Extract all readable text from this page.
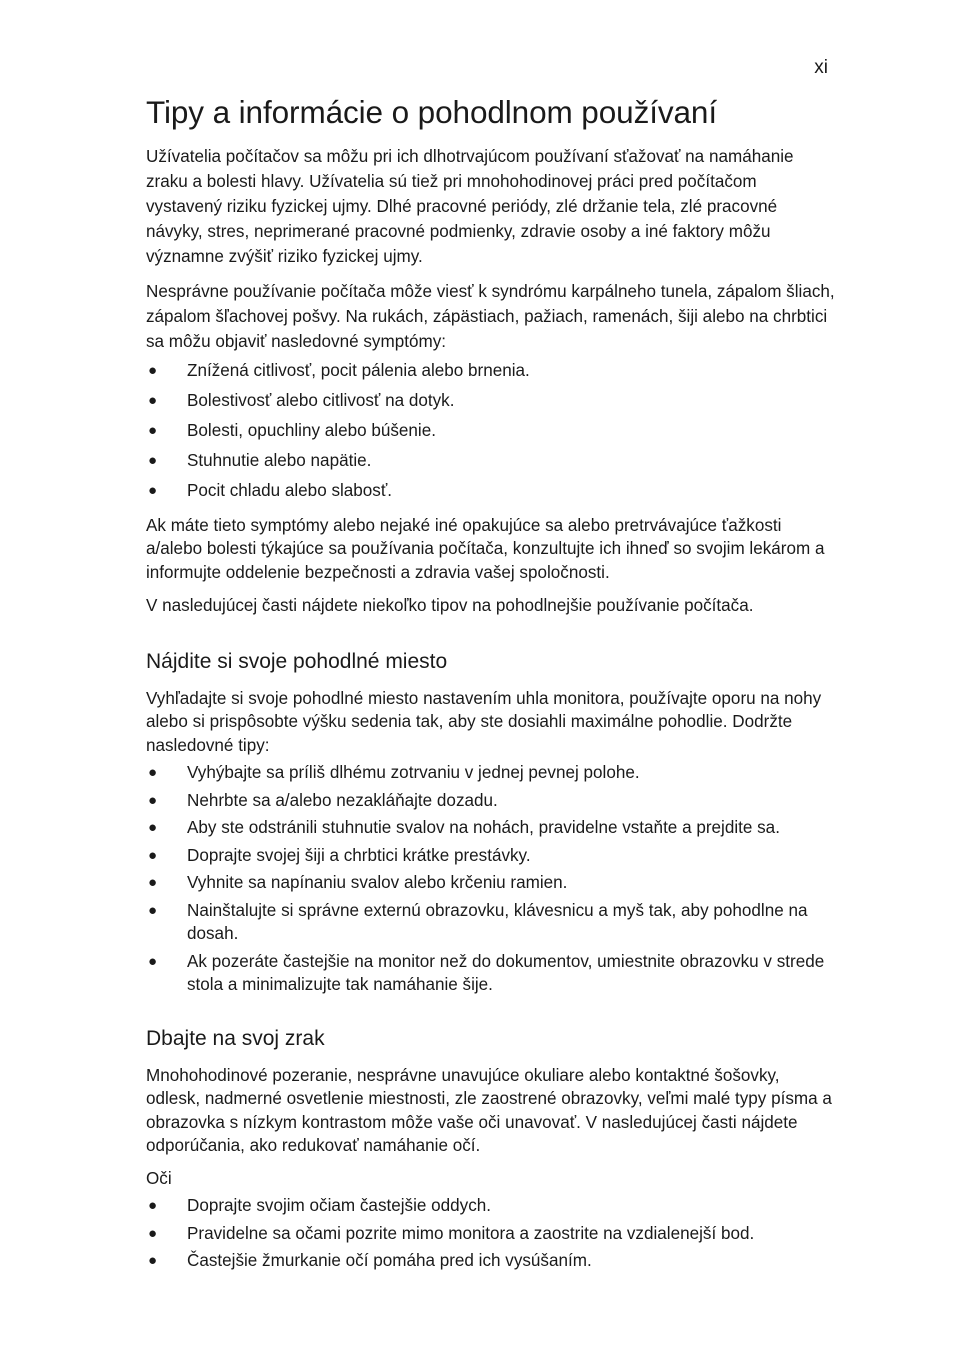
xi
Tipy a informácie o pohodlnom používaní

Užívatelia počítačov sa môžu pri ich dlhotrvajúcom používaní sťažovať na namáhanie zraku a bolesti hlavy. Užívatelia sú tiež pri mnohohodinovej práci pred počítačom vystavený riziku fyzickej ujmy. Dlhé pracovné periódy, zlé držanie tela, zlé pracovné návyky, stres, neprimerané pracovné podmienky, zdravie osoby a iné faktory môžu významne zvýšiť riziko fyzickej ujmy.

Nesprávne používanie počítača môže viesť k syndrómu karpálneho tunela, zápalom šliach, zápalom šľachovej pošvy. Na rukách, zápästiach, pažiach, ramenách, šiji alebo na chrbtici sa môžu objaviť nasledovné symptómy:

● Znížená citlivosť, pocit pálenia alebo brnenia.
● Bolestivosť alebo citlivosť na dotyk.
● Bolesti, opuchliny alebo búšenie.
● Stuhnutie alebo napätie.
● Pocit chladu alebo slabosť.

Ak máte tieto symptómy alebo nejaké iné opakujúce sa alebo pretrvávajúce ťažkosti a/alebo bolesti týkajúce sa používania počítača, konzultujte ich ihneď so svojim lekárom a informujte oddelenie bezpečnosti a zdravia vašej spoločnosti.

V nasledujúcej časti nájdete niekoľko tipov na pohodlnejšie používanie počítača.

Nájdite si svoje pohodlné miesto

Vyhľadajte si svoje pohodlné miesto nastavením uhla monitora, používajte oporu na nohy alebo si prispôsobte výšku sedenia tak, aby ste dosiahli maximálne pohodlie. Dodržte nasledovné tipy:

● Vyhýbajte sa príliš dlhému zotrvaniu v jednej pevnej polohe.
● Nehrbte sa a/alebo nezakláňajte dozadu.
● Aby ste odstránili stuhnutie svalov na nohách, pravidelne vstaňte a prejdite sa.
● Doprajte svojej šiji a chrbtici krátke prestávky.
● Vyhnite sa napínaniu svalov alebo krčeniu ramien.
● Nainštalujte si správne externú obrazovku, klávesnicu a myš tak, aby pohodlne na dosah.
● Ak pozeráte častejšie na monitor než do dokumentov, umiestnite obrazovku v strede stola a minimalizujte tak namáhanie šije.
Dbajte na svoj zrak

Mnohohodinové pozeranie, nesprávne unavujúce okuliare alebo kontaktné šošovky, odlesk, nadmerné osvetlenie miestnosti, zle zaostrené obrazovky, veľmi malé typy písma a obrazovka s nízkym kontrastom môže vaše oči unavovať. V nasledujúcej časti nájdete odporúčania, ako redukovať namáhanie očí.

Oči

● Doprajte svojim očiam častejšie oddych.
● Pravidelne sa očami pozrite mimo monitora a zaostrite na vzdialenejší bod.
● Častejšie žmurkanie očí pomáha pred ich vysúšaním.
